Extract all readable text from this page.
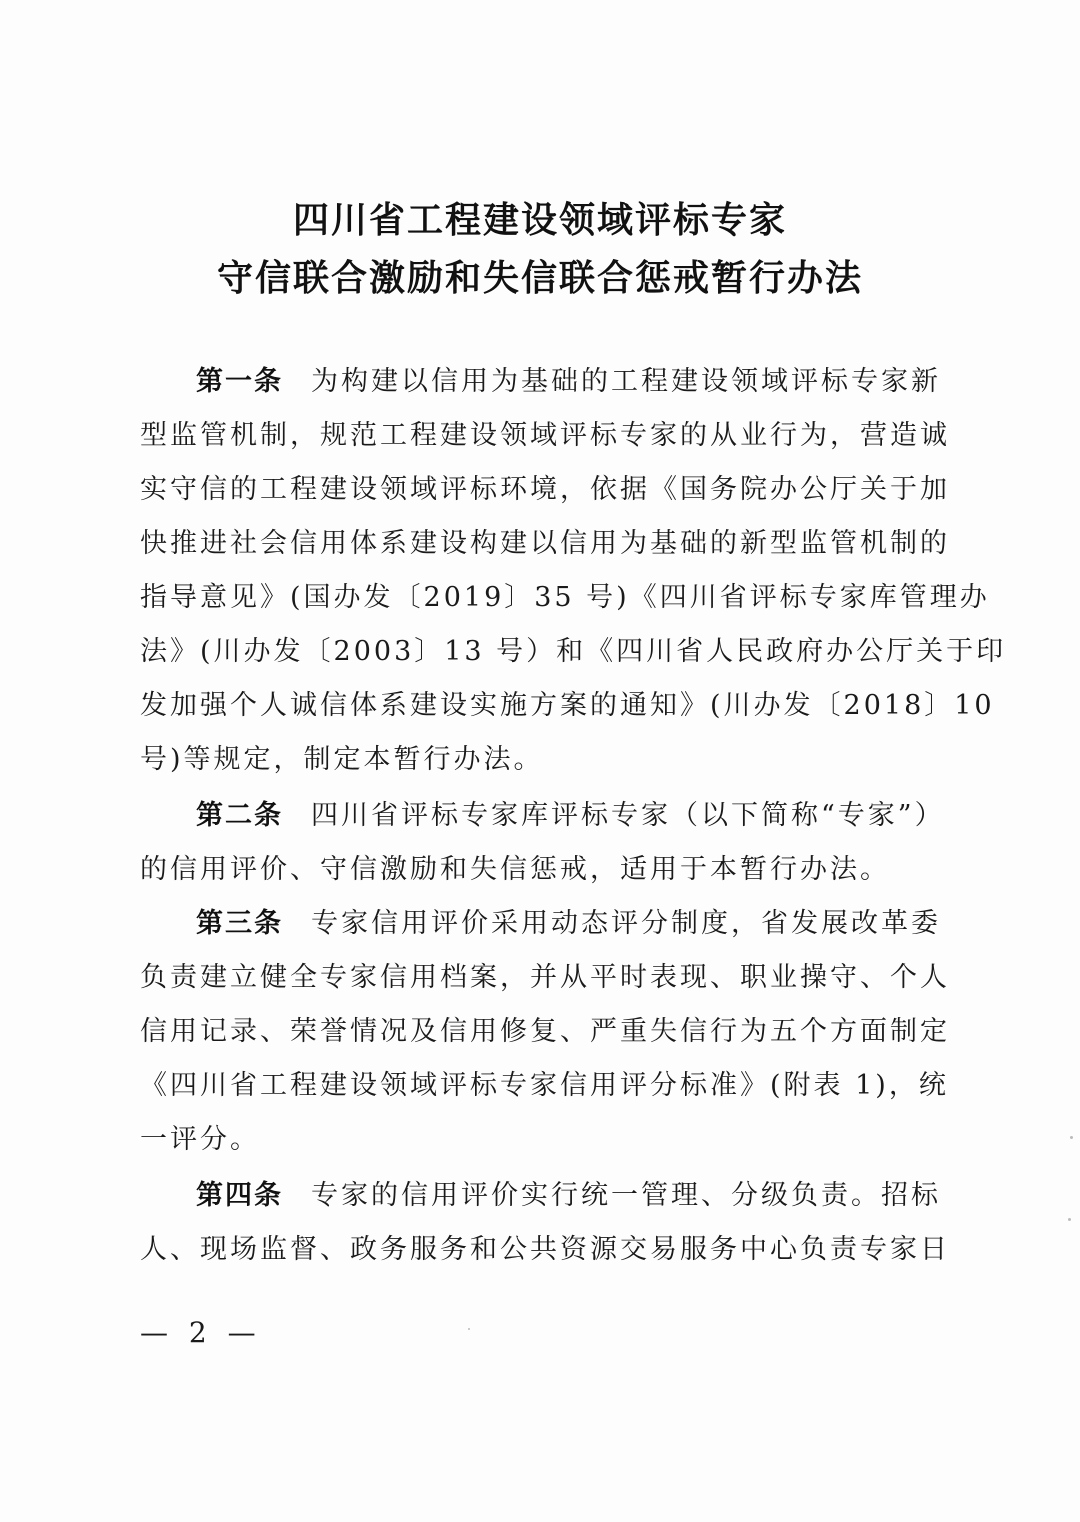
四川省工程建设领域评标专家
守信联合激励和失信联合惩戒暂行办法
第一条 为构建以信用为基础的工程建设领域评标专家新
型监管机制，规范工程建设领域评标专家的从业行为，营造诚
实守信的工程建设领域评标环境，依据《国务院办公厅关于加
快推进社会信用体系建设构建以信用为基础的新型监管机制的
指导意见》(国办发〔2019〕35 号)《四川省评标专家库管理办
法》(川办发〔2003〕13 号）和《四川省人民政府办公厅关于印
发加强个人诚信体系建设实施方案的通知》(川办发〔2018〕10
号)等规定，制定本暂行办法。
第二条 四川省评标专家库评标专家（以下简称“专家”）
的信用评价、守信激励和失信惩戒，适用于本暂行办法。
第三条 专家信用评价采用动态评分制度，省发展改革委
负责建立健全专家信用档案，并从平时表现、职业操守、个人
信用记录、荣誉情况及信用修复、严重失信行为五个方面制定
《四川省工程建设领域评标专家信用评分标准》(附表 1)，统
一评分。
第四条 专家的信用评价实行统一管理、分级负责。招标
人、现场监督、政务服务和公共资源交易服务中心负责专家日
— 2 —
